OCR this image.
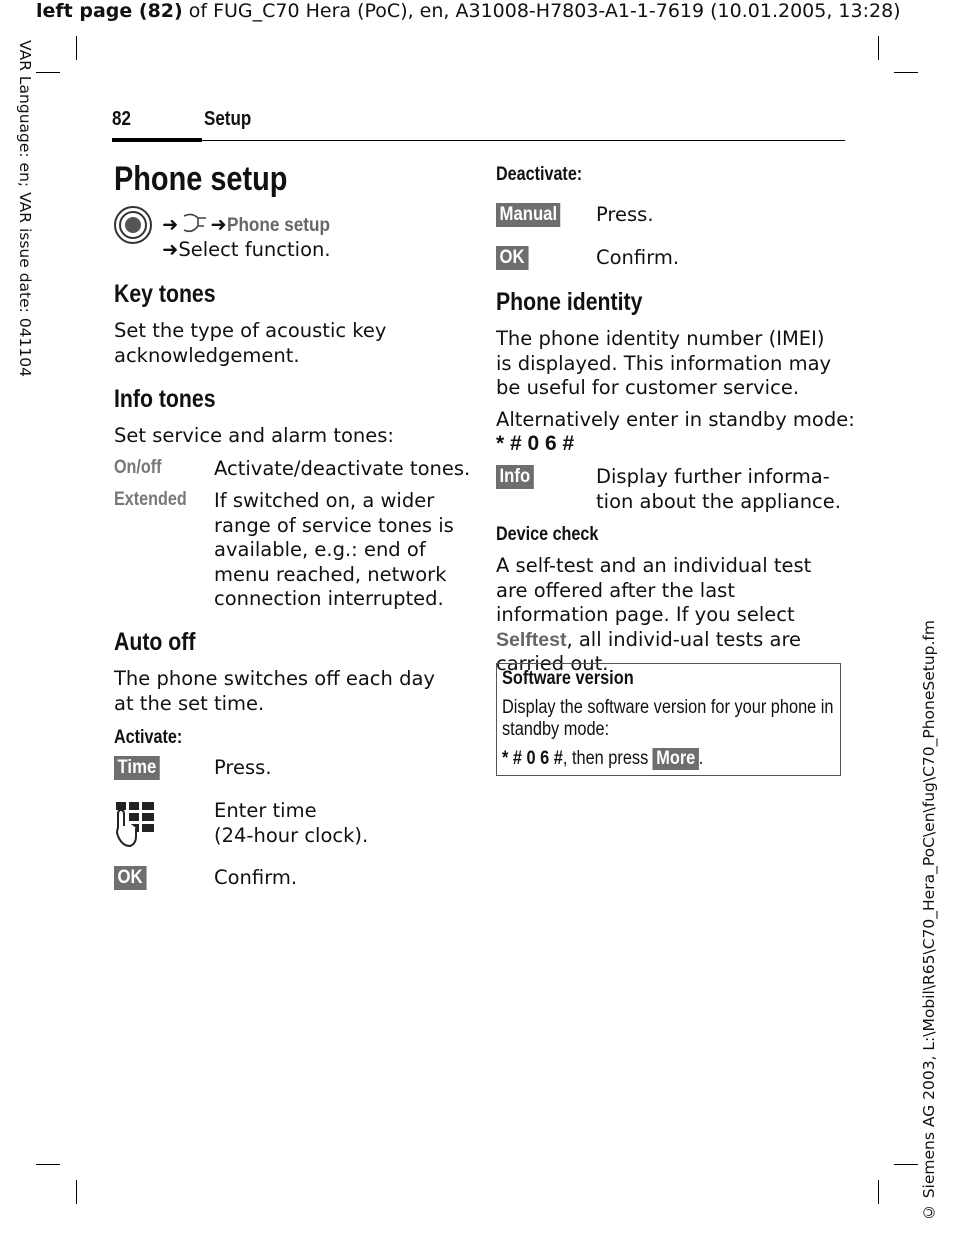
left page (82) of FUG_C70 Hera (PoC), en, A31008-H7803-A1-1-7619 (10.01.2005, 13:28)
VAR Language: en; VAR issue date: 041104
© Siemens AG 2003, L:\Mobil\R65\C70_Hera_PoC\en\fug\C70_PhoneSetup.fm
82	Setup
Phone setup
➜ ➜Phone setup
➜Select function.
Key tones
Set the type of acoustic key acknowledgement.
Info tones
Set service and alarm tones:
On/off	Activate/deactivate tones.
Extended If switched on, a wider range of service tones is available, e.g.: end of menu reached, network connection interrupted.
Auto off
The phone switches off each day at the set time.
Activate:
Time	Press.
Enter time
(24-hour clock).
OK	Confirm.
Deactivate:
Manual	Press.
OK	Confirm.
Phone identity
The phone identity number (IMEI) is displayed. This information may be useful for customer service.
Alternatively enter in standby mode:
* # 0 6 #
Info	Display further informa-
tion about the appliance.
Device check
A self-test and an individual test are offered after the last information page. If you select Selftest, all individ-ual tests are carried out.
Software version
Display the software version for your phone in standby mode:
* # 0 6 #, then press More .
